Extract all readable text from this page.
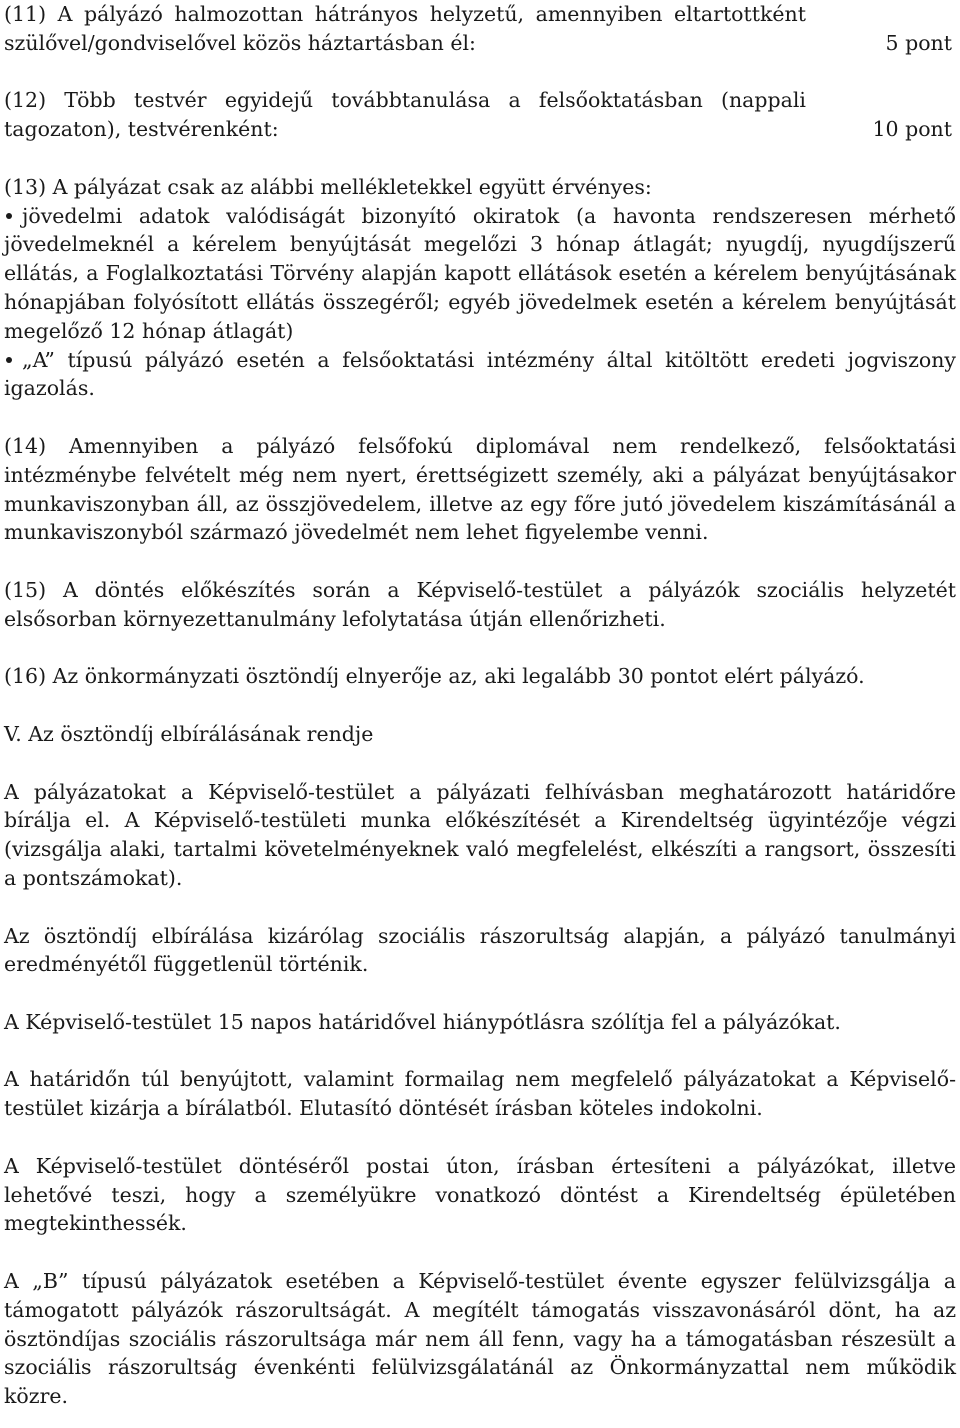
(11) A pályázó halmozottan hátrányos helyzetű, amennyiben eltartottként szülővel/gondviselővel közös háztartásban él:	5 pont
(12) Több testvér egyidejű továbbtanulása a felsőoktatásban (nappali tagozaton), testvérenként:	10 pont
(13) A pályázat csak az alábbi mellékletekkel együtt érvényes:

jövedelmi adatok valódiságát bizonyító okiratok (a havonta rendszeresen mérhető jövedelmeknél a kérelem benyújtását megelőzi 3 hónap átlagát; nyugdíj, nyugdíjszerű ellátás, a Foglalkoztatási Törvény alapján kapott ellátások esetén a kérelem benyújtásának hónapjában folyósított ellátás összegéről; egyéb jövedelmek esetén a kérelem benyújtását megelőző 12 hónap átlagát)

„A” típusú pályázó esetén a felsőoktatási intézmény által kitöltött eredeti jogviszony igazolás.

(14) Amennyiben a pályázó felsőfokú diplomával nem rendelkező, felsőoktatási intézménybe felvételt még nem nyert, érettségizett személy, aki a pályázat benyújtásakor munkaviszonyban áll, az összjövedelem, illetve az egy főre jutó jövedelem kiszámításánál a munkaviszonyból származó jövedelmét nem lehet figyelembe venni.

(15) A döntés előkészítés során a Képviselő-testület a pályázók szociális helyzetét elsősorban környezettanulmány lefolytatása útján ellenőrizheti.

(16) Az önkormányzati ösztöndíj elnyerője az, aki legalább 30 pontot elért pályázó.

V. Az ösztöndíj elbírálásának rendje

A pályázatokat a Képviselő-testület a pályázati felhívásban meghatározott határidőre bírálja el. A Képviselő-testületi munka előkészítését a Kirendeltség ügyintézője végzi (vizsgálja alaki, tartalmi követelményeknek való megfelelést, elkészíti a rangsort, összesíti a pontszámokat).

Az ösztöndíj elbírálása kizárólag szociális rászorultság alapján, a pályázó tanulmányi eredményétől függetlenül történik.

A Képviselő-testület 15 napos határidővel hiánypótlásra szólítja fel a pályázókat.

A határidőn túl benyújtott, valamint formailag nem megfelelő pályázatokat a Képviselő-testület kizárja a bírálatból. Elutasító döntését írásban köteles indokolni.

A Képviselő-testület döntéséről postai úton, írásban értesíteni a pályázókat, illetve lehetővé teszi, hogy a személyükre vonatkozó döntést a Kirendeltség épületében megtekinthessék.

A „B” típusú pályázatok esetében a Képviselő-testület évente egyszer felülvizsgálja a támogatott pályázók rászorultságát. A megítélt támogatás visszavonásáról dönt, ha az ösztöndíjas szociális rászorultsága már nem áll fenn, vagy ha a támogatásban részesült a szociális rászorultság évenkénti felülvizsgálatánál az Önkormányzattal nem működik közre.
